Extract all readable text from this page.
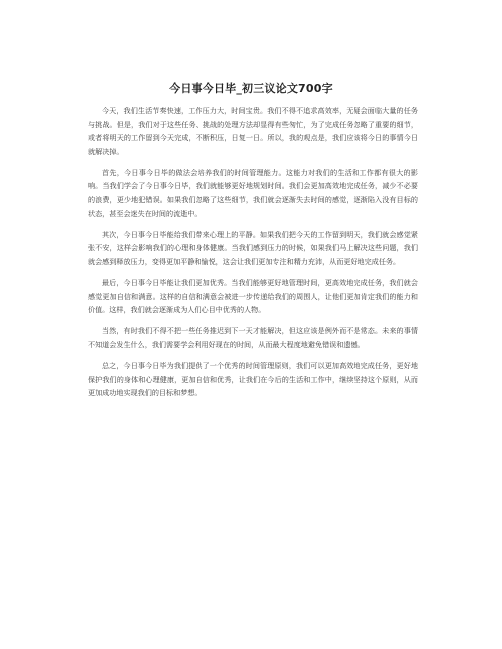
今日事今日毕_初三议论文700字

今天，我们生活节奏快速，工作压力大，时间宝贵。我们不得不追求高效率，无疑会面临大量的任务与挑战。但是，我们对于这些任务、挑战的处理方法却显得有些匆忙，为了完成任务忽略了重要的细节，或者将明天的工作留到今天完成，不断积压，日复一日。所以，我的观点是，我们应该将今日的事情今日就解决掉。

首先，今日事今日毕的做法会培养我们的时间管理能力。这能力对我们的生活和工作都有很大的影响。当我们学会了今日事今日毕，我们就能够更好地规划时间。我们会更加高效地完成任务，减少不必要的浪费，更少地犯错误。如果我们忽略了这些细节，我们就会逐渐失去时间的感觉，逐渐陷入没有目标的状态，甚至会迷失在时间的流逝中。

其次，今日事今日毕能给我们带来心理上的平静。如果我们把今天的工作留到明天，我们就会感觉紧张不安，这样会影响我们的心理和身体健康。当我们感到压力的时候，如果我们马上解决这些问题，我们就会感到释放压力，变得更加平静和愉悦，这会让我们更加专注和精力充沛，从而更好地完成任务。

最后，今日事今日毕能让我们更加优秀。当我们能够更好地管理时间，更高效地完成任务，我们就会感觉更加自信和满意。这样的自信和满意会被进一步传递给我们的周围人，让他们更加肯定我们的能力和价值。这样，我们就会逐渐成为人们心目中优秀的人物。

当然，有时我们不得不把一些任务推迟到下一天才能解决，但这应该是例外而不是常态。未来的事情不知道会发生什么，我们需要学会利用好现在的时间，从而最大程度地避免错误和遗憾。

总之，今日事今日毕为我们提供了一个优秀的时间管理原则，我们可以更加高效地完成任务，更好地保护我们的身体和心理健康，更加自信和优秀，让我们在今后的生活和工作中，继续坚持这个原则，从而更加成功地实现我们的目标和梦想。
